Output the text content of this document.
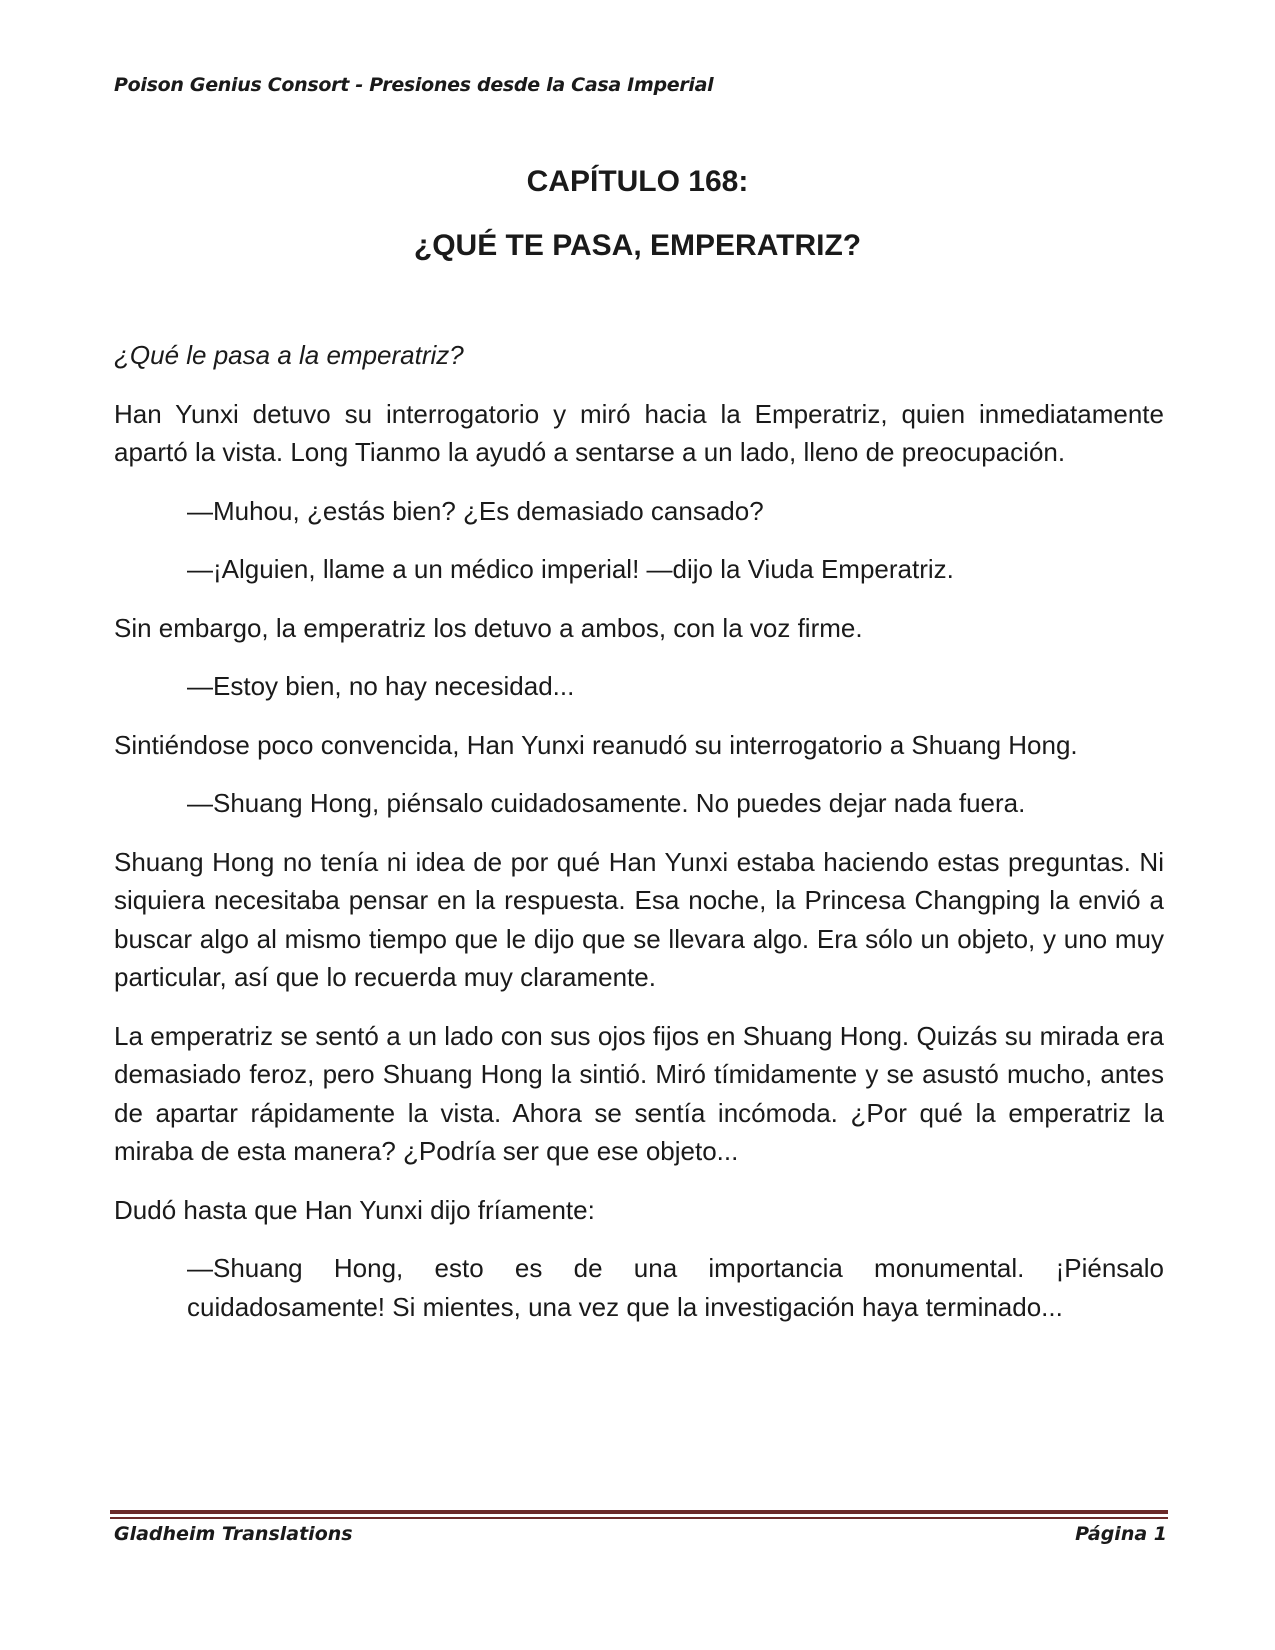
Poison Genius Consort - Presiones desde la Casa Imperial
CAPÍTULO 168:
¿QUÉ TE PASA, EMPERATRIZ?

¿Qué le pasa a la emperatriz?

Han Yunxi detuvo su interrogatorio y miró hacia la Emperatriz, quien inmediatamente apartó la vista. Long Tianmo la ayudó a sentarse a un lado, lleno de preocupación.

—Muhou, ¿estás bien? ¿Es demasiado cansado?

—¡Alguien, llame a un médico imperial! —dijo la Viuda Emperatriz.

Sin embargo, la emperatriz los detuvo a ambos, con la voz firme.

—Estoy bien, no hay necesidad...

Sintiéndose poco convencida, Han Yunxi reanudó su interrogatorio a Shuang Hong.

—Shuang Hong, piénsalo cuidadosamente. No puedes dejar nada fuera.

Shuang Hong no tenía ni idea de por qué Han Yunxi estaba haciendo estas preguntas. Ni siquiera necesitaba pensar en la respuesta. Esa noche, la Princesa Changping la envió a buscar algo al mismo tiempo que le dijo que se llevara algo. Era sólo un objeto, y uno muy particular, así que lo recuerda muy claramente.

La emperatriz se sentó a un lado con sus ojos fijos en Shuang Hong. Quizás su mirada era demasiado feroz, pero Shuang Hong la sintió. Miró tímidamente y se asustó mucho, antes de apartar rápidamente la vista. Ahora se sentía incómoda. ¿Por qué la emperatriz la miraba de esta manera? ¿Podría ser que ese objeto...

Dudó hasta que Han Yunxi dijo fríamente:

—Shuang Hong, esto es de una importancia monumental. ¡Piénsalo cuidadosamente! Si mientes, una vez que la investigación haya terminado...

Gladheim Translations	Página 1
